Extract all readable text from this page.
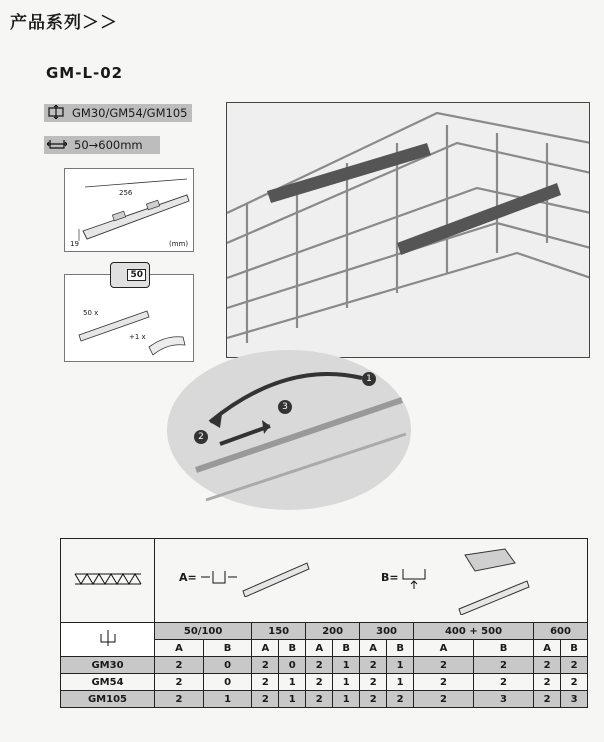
产品系列＞＞
GM-L-02
GM30/GM54/GM105
50→600mm
256
19	(mm)
50 x
+1 x
50
1
2
3

A= B=											

	50/100		150		200		300		400 + 500		600	
	A	B	A	B	A	B	A	B	A	B	A	B
GM30	2	0	2	0	2	1	2	1	2	2	2	2
GM54	2	0	2	1	2	1	2	1	2	2	2	2
GM105	2	1	2	1	2	1	2	2	2	3	2	3
